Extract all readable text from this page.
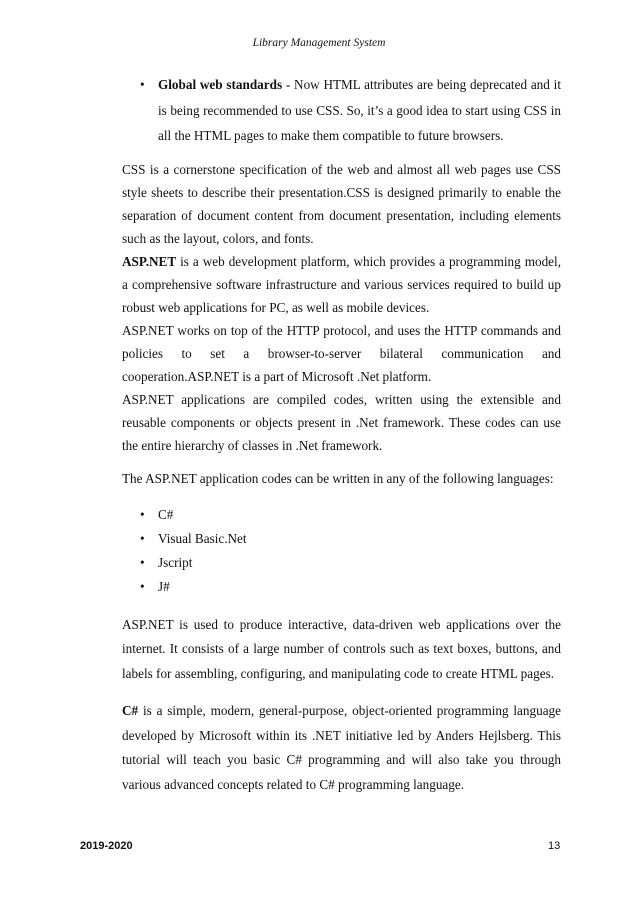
Library Management System
• Global web standards - Now HTML attributes are being deprecated and it is being recommended to use CSS. So, it’s a good idea to start using CSS in all the HTML pages to make them compatible to future browsers.

CSS is a cornerstone specification of the web and almost all web pages use CSS style sheets to describe their presentation.CSS is designed primarily to enable the separation of document content from document presentation, including elements such as the layout, colors, and fonts.

ASP.NET is a web development platform, which provides a programming model, a comprehensive software infrastructure and various services required to build up robust web applications for PC, as well as mobile devices.

ASP.NET works on top of the HTTP protocol, and uses the HTTP commands and policies to set a browser-to-server bilateral communication and cooperation.ASP.NET is a part of Microsoft .Net platform.

ASP.NET applications are compiled codes, written using the extensible and reusable components or objects present in .Net framework. These codes can use the entire hierarchy of classes in .Net framework.

The ASP.NET application codes can be written in any of the following languages:

• C#
• Visual Basic.Net
• Jscript
• J#

ASP.NET is used to produce interactive, data-driven web applications over the internet. It consists of a large number of controls such as text boxes, buttons, and labels for assembling, configuring, and manipulating code to create HTML pages.

C# is a simple, modern, general-purpose, object-oriented programming language developed by Microsoft within its .NET initiative led by Anders Hejlsberg. This tutorial will teach you basic C# programming and will also take you through various advanced concepts related to C# programming language.

2019-2020	13
